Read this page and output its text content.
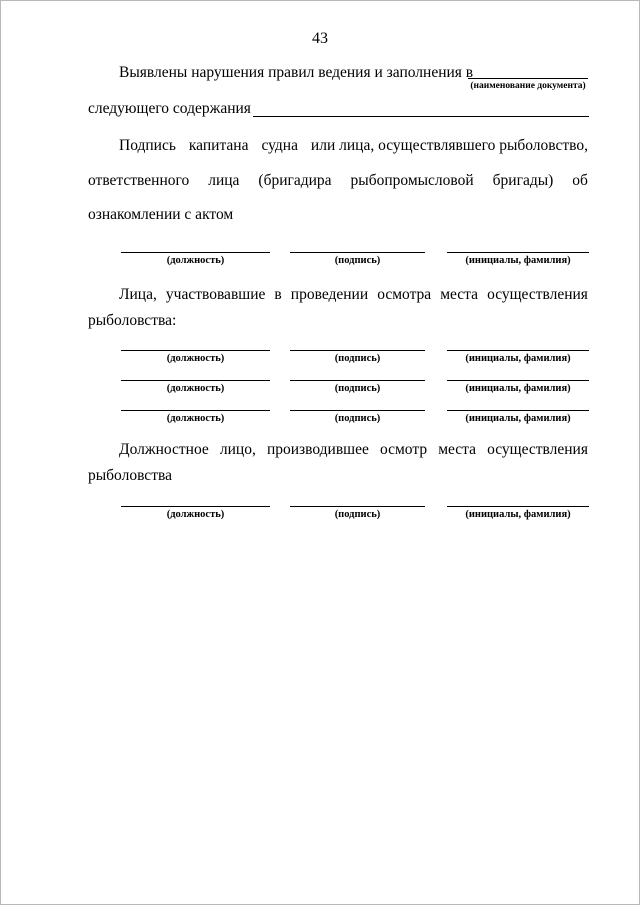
43
Выявлены нарушения правил ведения и заполнения в
(наименование документа)
следующего содержания
Подпись капитана судна или лица, осуществлявшего рыболовство,
ответственного лица (бригадира рыбопромысловой бригады) об
ознакомлении с актом
(должность)	(подпись)	(инициалы, фамилия)
Лица, участвовавшие в проведении осмотра места осуществления
рыболовства:
(должность)	(подпись)	(инициалы, фамилия)
(должность)	(подпись)	(инициалы, фамилия)
(должность)	(подпись)	(инициалы, фамилия)
Должностное лицо, производившее осмотр места осуществления
рыболовства
(должность)	(подпись)	(инициалы, фамилия)
